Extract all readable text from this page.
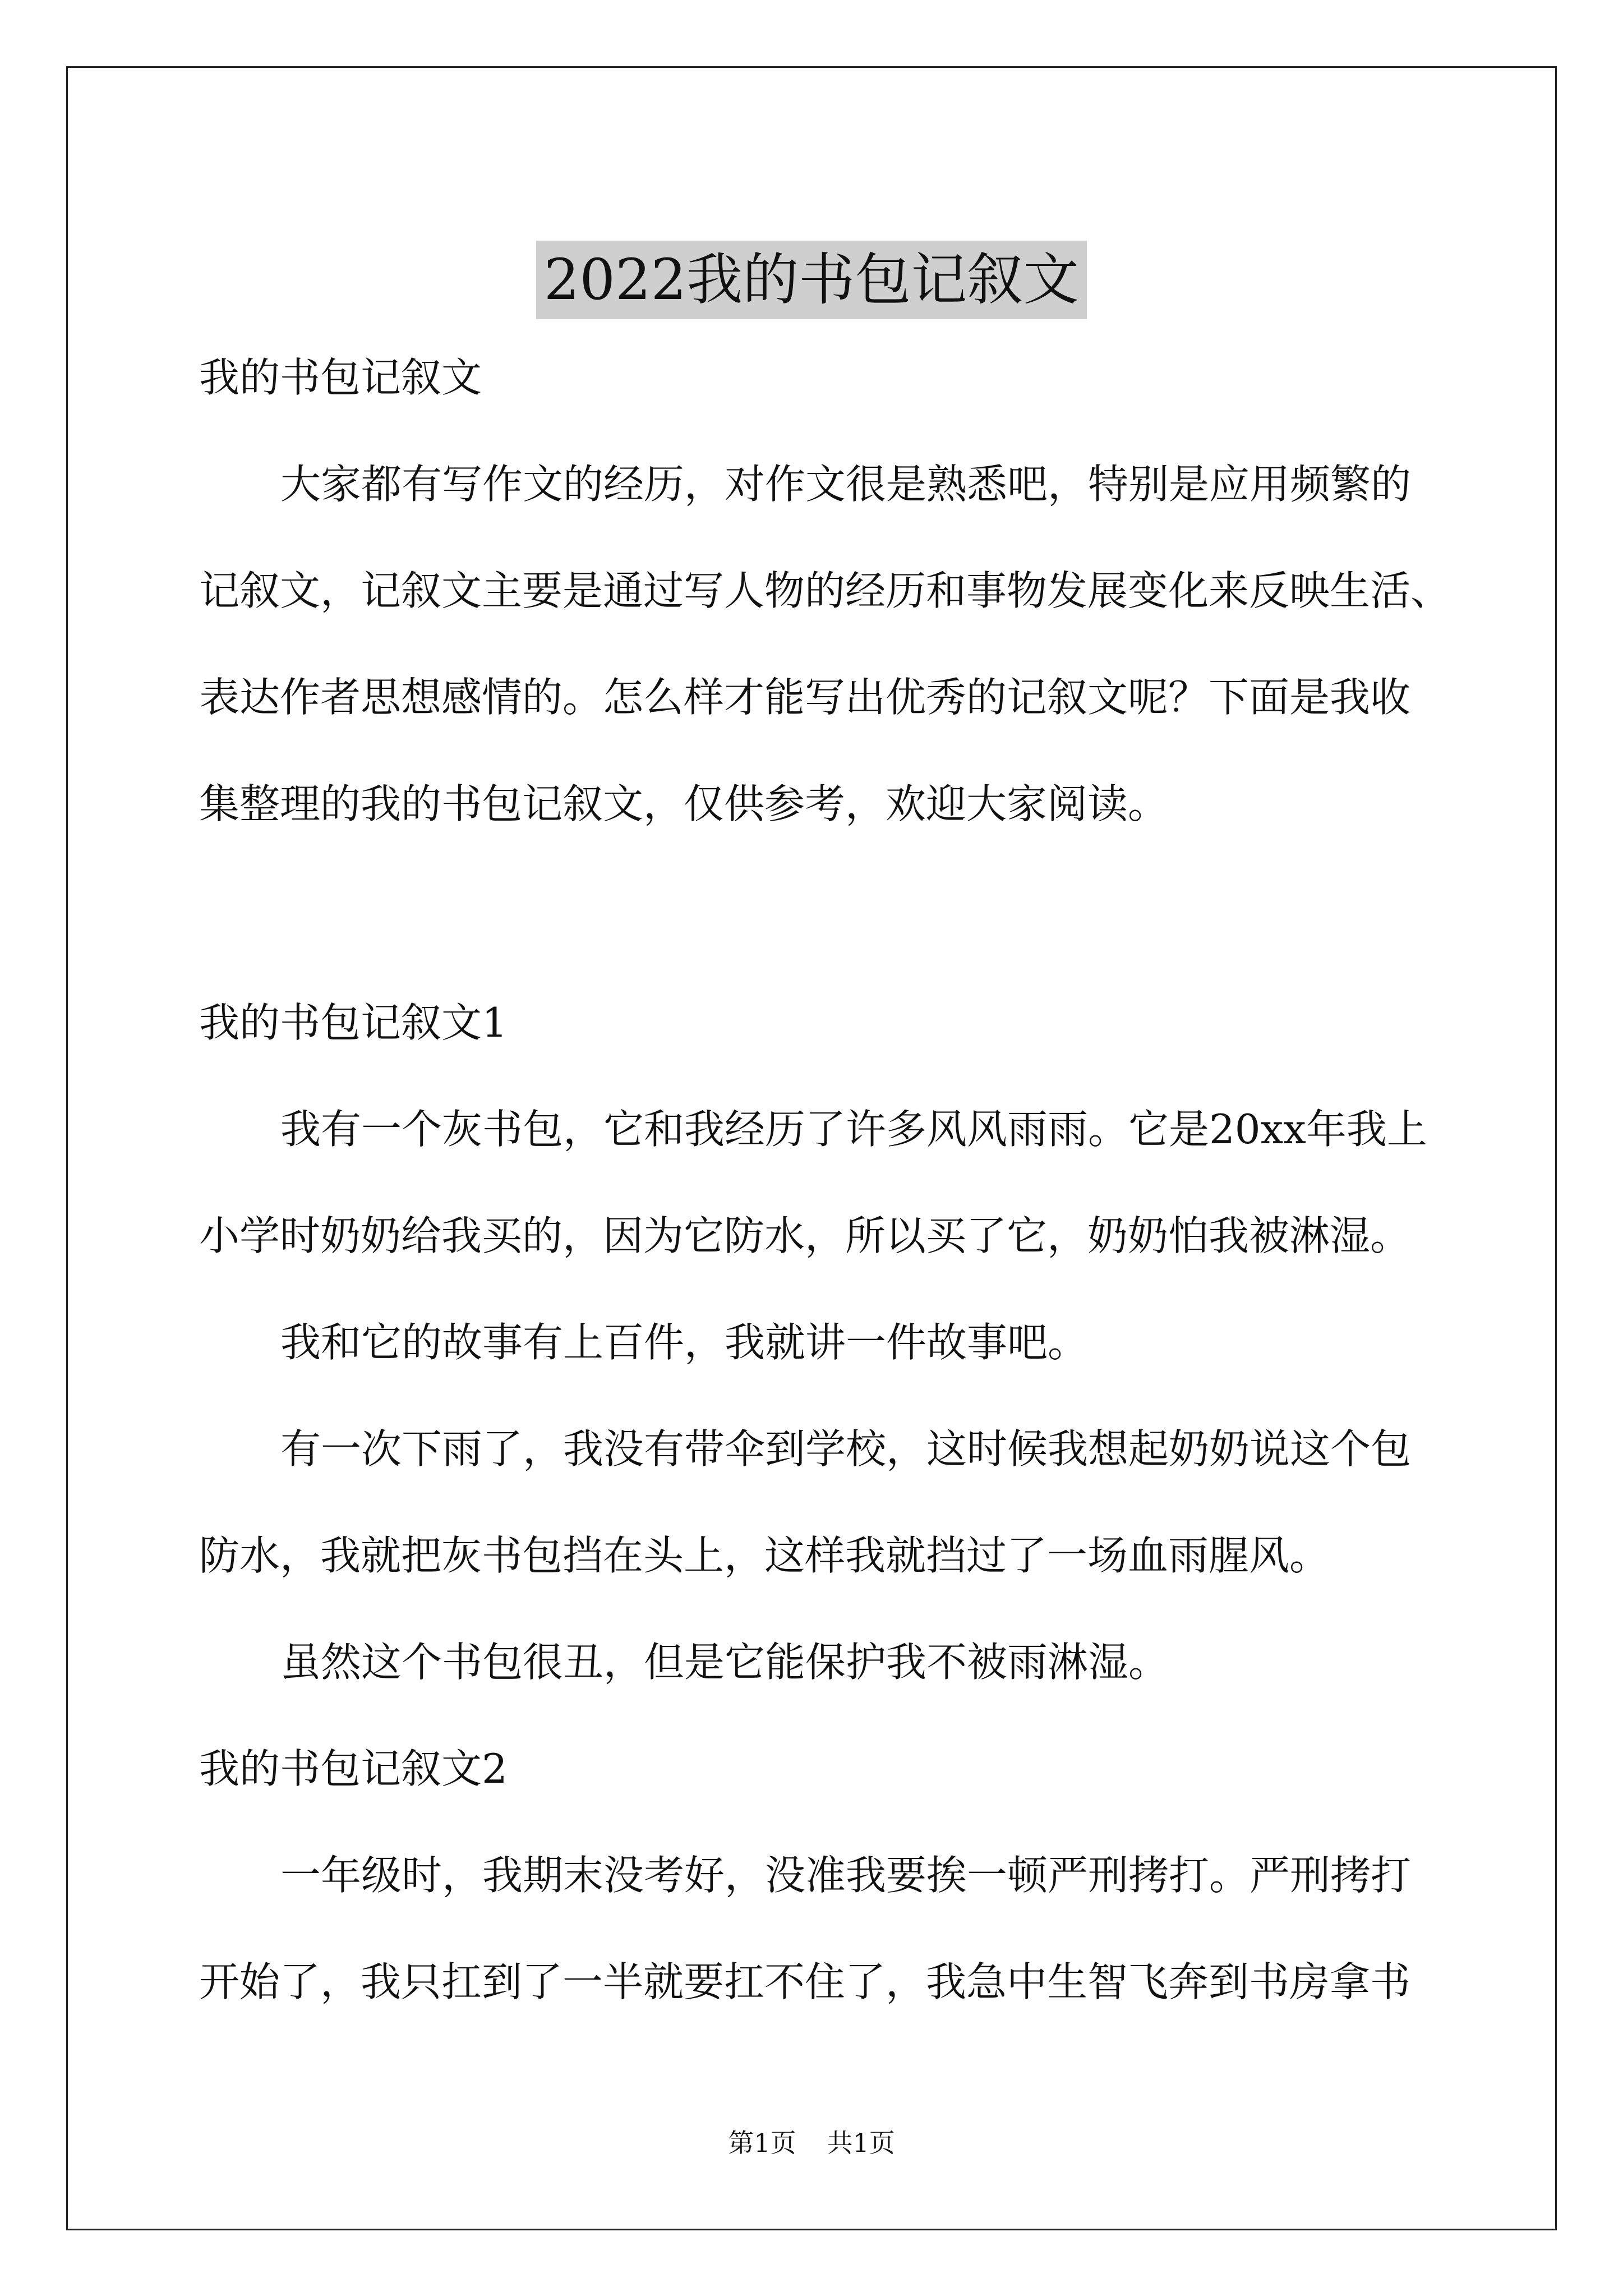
2022我的书包记叙文
我的书包记叙文
大家都有写作文的经历，对作文很是熟悉吧，特别是应用频繁的
记叙文，记叙文主要是通过写人物的经历和事物发展变化来反映生活、
表达作者思想感情的。怎么样才能写出优秀的记叙文呢？下面是我收
集整理的我的书包记叙文，仅供参考，欢迎大家阅读。
我的书包记叙文1
我有一个灰书包，它和我经历了许多风风雨雨。它是20xx年我上
小学时奶奶给我买的，因为它防水，所以买了它，奶奶怕我被淋湿。
我和它的故事有上百件，我就讲一件故事吧。
有一次下雨了，我没有带伞到学校，这时候我想起奶奶说这个包
防水，我就把灰书包挡在头上，这样我就挡过了一场血雨腥风。
虽然这个书包很丑，但是它能保护我不被雨淋湿。
我的书包记叙文2
一年级时，我期末没考好，没准我要挨一顿严刑拷打。严刑拷打
开始了，我只扛到了一半就要扛不住了，我急中生智飞奔到书房拿书
第1页 共1页
